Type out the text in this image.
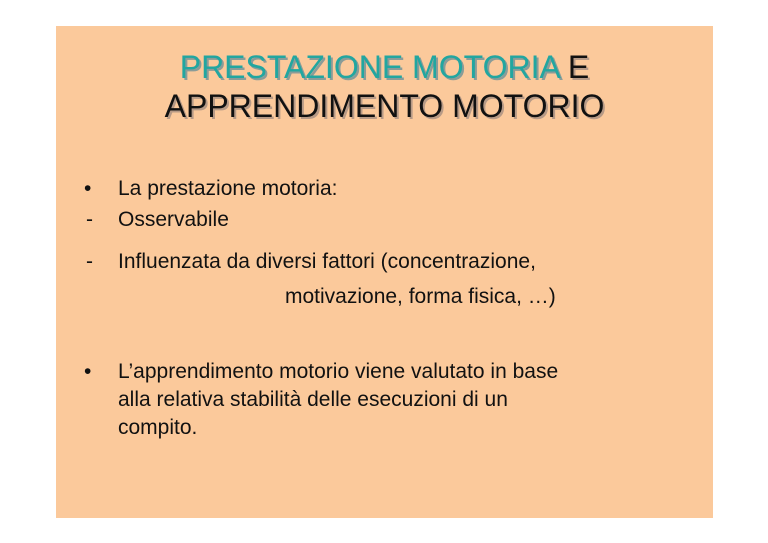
PRESTAZIONE MOTORIA E
APPRENDIMENTO MOTORIO
• La prestazione motoria:
- Osservabile
- Influenzata da diversi fattori (concentrazione,
motivazione, forma fisica, …)
• L’apprendimento motorio viene valutato in base
alla relativa stabilità delle esecuzioni di un
compito.
